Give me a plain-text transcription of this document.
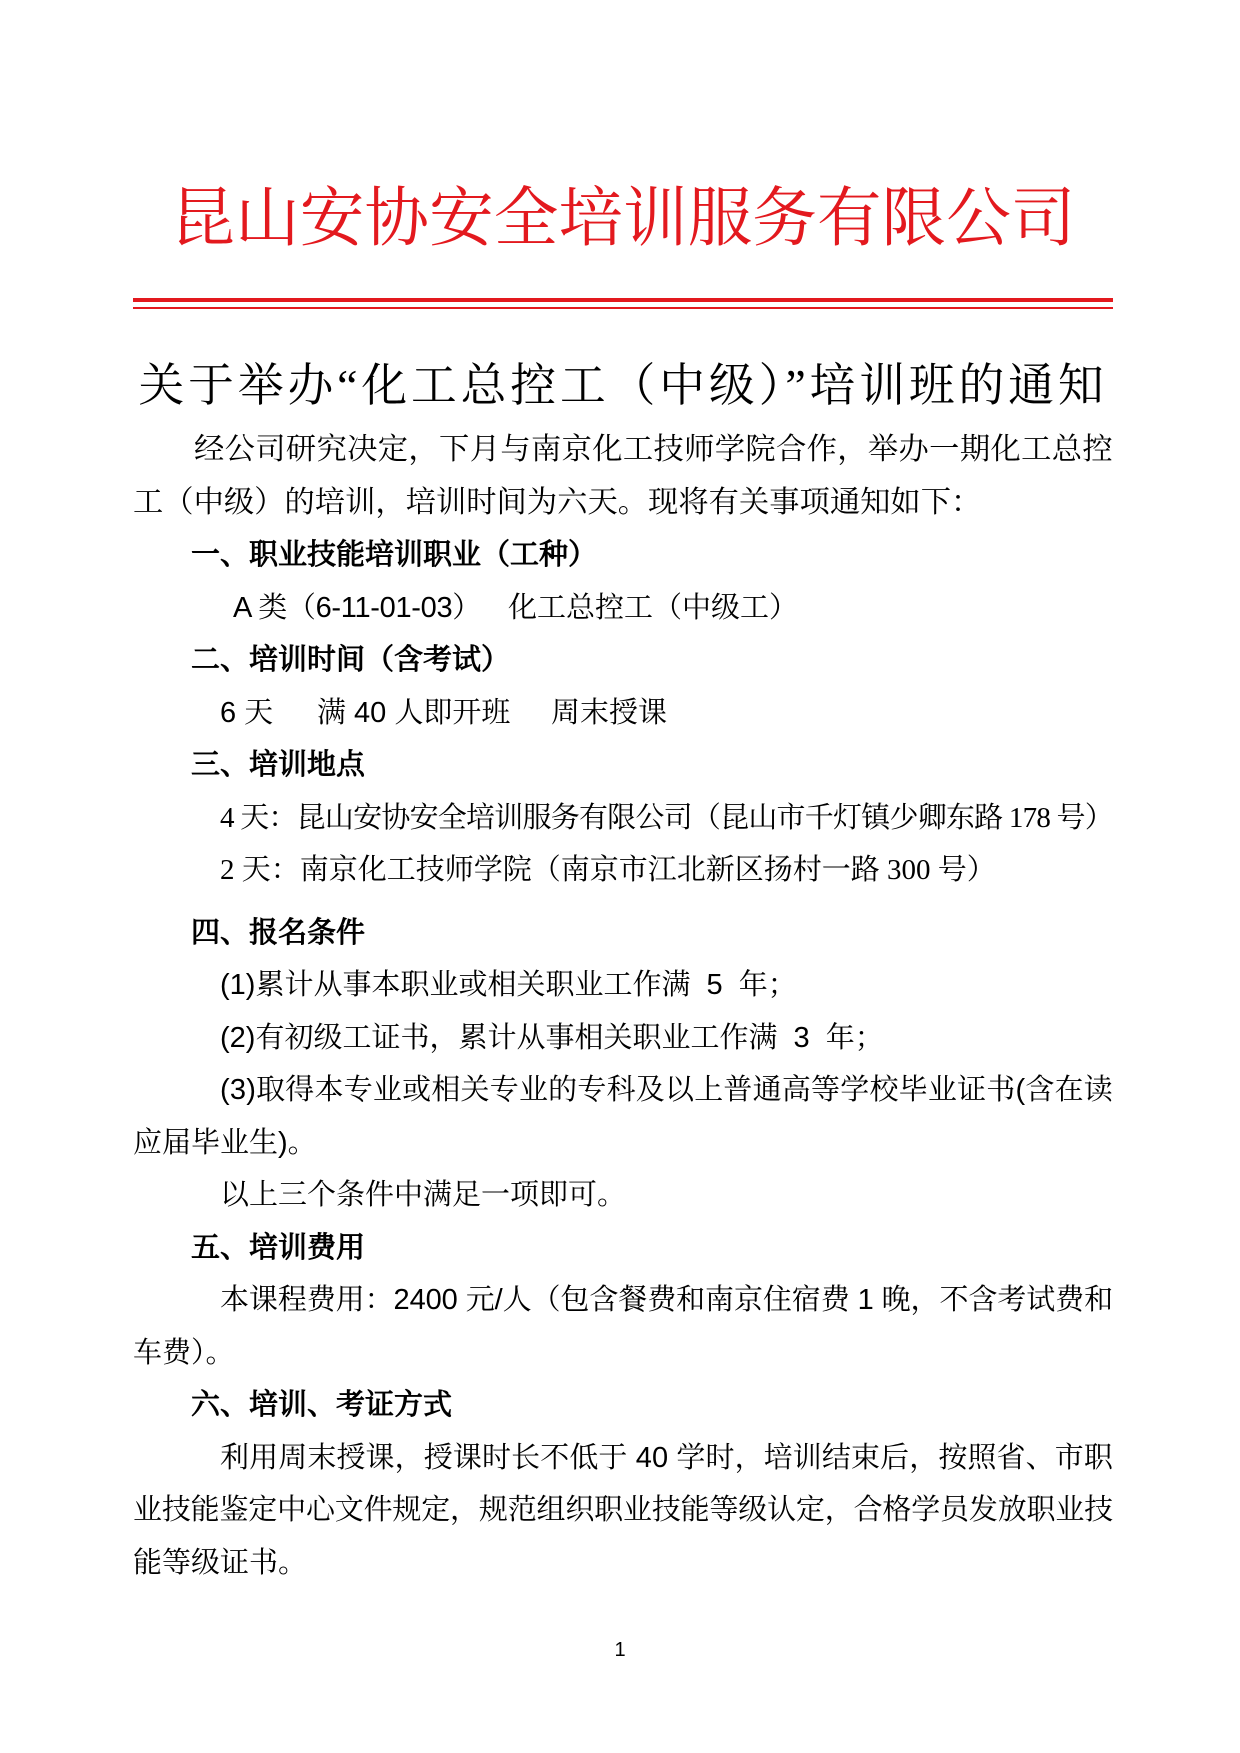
昆山安协安全培训服务有限公司
关于举办“化工总控工（中级）”培训班的通知
经公司研究决定，下月与南京化工技师学院合作，举办一期化工总控
工（中级）的培训，培训时间为六天。现将有关事项通知如下：
一、职业技能培训职业（工种）

A 类（6-11-01-03）

化工总控工（中级工）

二、培训时间（含考试）

6 天

满 40 人即开班

周末授课

三、培训地点
4 天：昆山安协安全培训服务有限公司（昆山市千灯镇少卿东路 178 号）
2 天：南京化工技师学院（南京市江北新区扬村一路 300 号）
四、报名条件
(1)累计从事本职业或相关职业工作满  5  年；
(2)有初级工证书，累计从事相关职业工作满  3  年；
(3)取得本专业或相关专业的专科及以上普通高等学校毕业证书(含在读
应届毕业生)。
以上三个条件中满足一项即可。
五、培训费用
本课程费用：2400 元/人（包含餐费和南京住宿费 1 晚，不含考试费和
车费）。
六、培训、考证方式
利用周末授课，授课时长不低于 40 学时，培训结束后，按照省、市职
业技能鉴定中心文件规定，规范组织职业技能等级认定，合格学员发放职业技
能等级证书。
1
